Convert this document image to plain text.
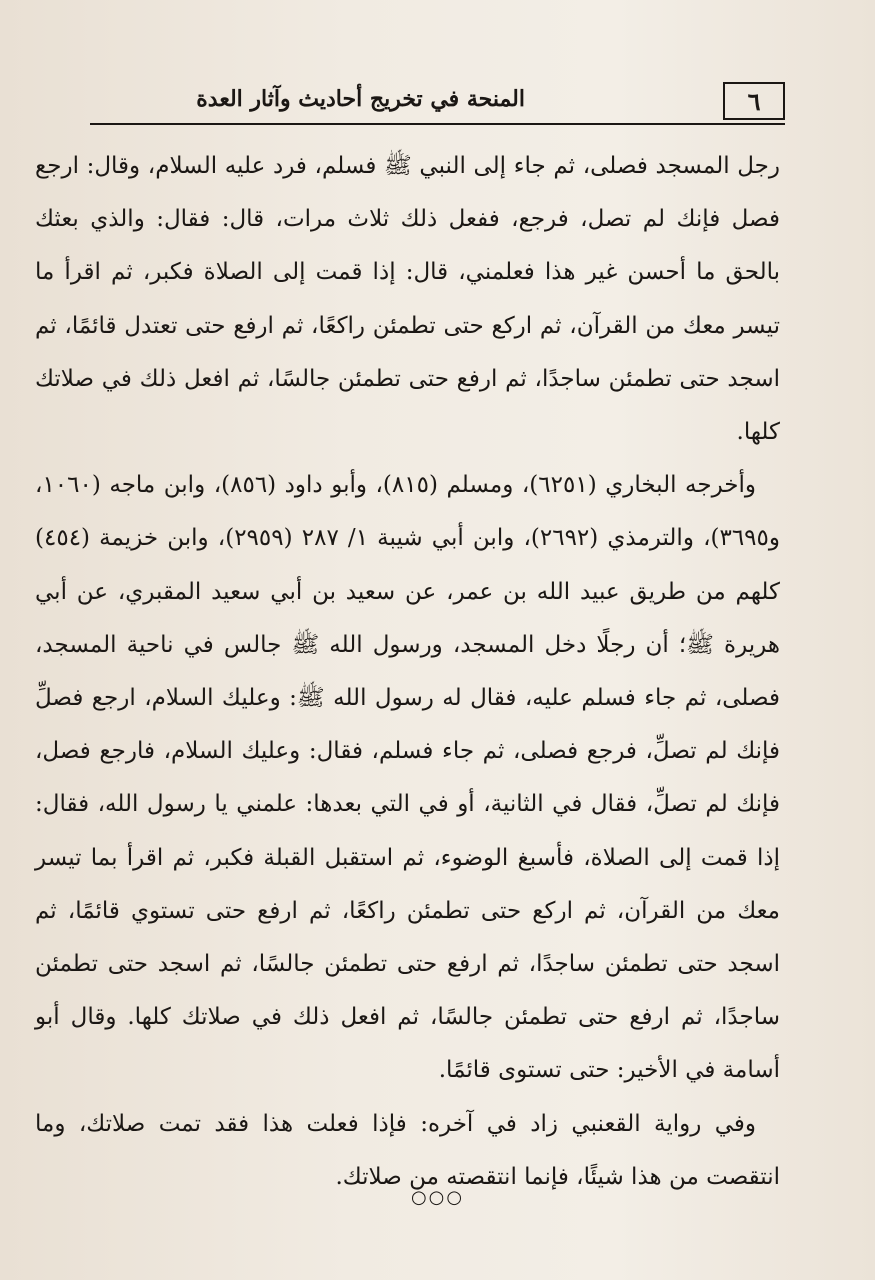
٦
المنحة في تخريج أحاديث وآثار العدة

رجل المسجد فصلى، ثم جاء إلى النبي ﷺ فسلم، فرد عليه السلام، وقال: ارجع فصل فإنك لم تصل، فرجع، ففعل ذلك ثلاث مرات، قال: فقال: والذي بعثك بالحق ما أحسن غير هذا فعلمني، قال: إذا قمت إلى الصلاة فكبر، ثم اقرأ ما تيسر معك من القرآن، ثم اركع حتى تطمئن راكعًا، ثم ارفع حتى تعتدل قائمًا، ثم اسجد حتى تطمئن ساجدًا، ثم ارفع حتى تطمئن جالسًا، ثم افعل ذلك في صلاتك كلها.

وأخرجه البخاري (٦٢٥١)، ومسلم (٨١٥)، وأبو داود (٨٥٦)، وابن ماجه (١٠٦٠، و٣٦٩٥)، والترمذي (٢٦٩٢)، وابن أبي شيبة ١/ ٢٨٧ (٢٩٥٩)، وابن خزيمة (٤٥٤) كلهم من طريق عبيد الله بن عمر، عن سعيد بن أبي سعيد المقبري، عن أبي هريرة ﷺ؛ أن رجلًا دخل المسجد، ورسول الله ﷺ جالس في ناحية المسجد، فصلى، ثم جاء فسلم عليه، فقال له رسول الله ﷺ: وعليك السلام، ارجع فصلِّ فإنك لم تصلِّ، فرجع فصلى، ثم جاء فسلم، فقال: وعليك السلام، فارجع فصل، فإنك لم تصلِّ، فقال في الثانية، أو في التي بعدها: علمني يا رسول الله، فقال: إذا قمت إلى الصلاة، فأسبغ الوضوء، ثم استقبل القبلة فكبر، ثم اقرأ بما تيسر معك من القرآن، ثم اركع حتى تطمئن راكعًا، ثم ارفع حتى تستوي قائمًا، ثم اسجد حتى تطمئن ساجدًا، ثم ارفع حتى تطمئن جالسًا، ثم اسجد حتى تطمئن ساجدًا، ثم ارفع حتى تطمئن جالسًا، ثم افعل ذلك في صلاتك كلها. وقال أبو أسامة في الأخير: حتى تستوى قائمًا.

وفي رواية القعنبي زاد في آخره: فإذا فعلت هذا فقد تمت صلاتك، وما انتقصت من هذا شيئًا، فإنما انتقصته من صلاتك.

○○○
